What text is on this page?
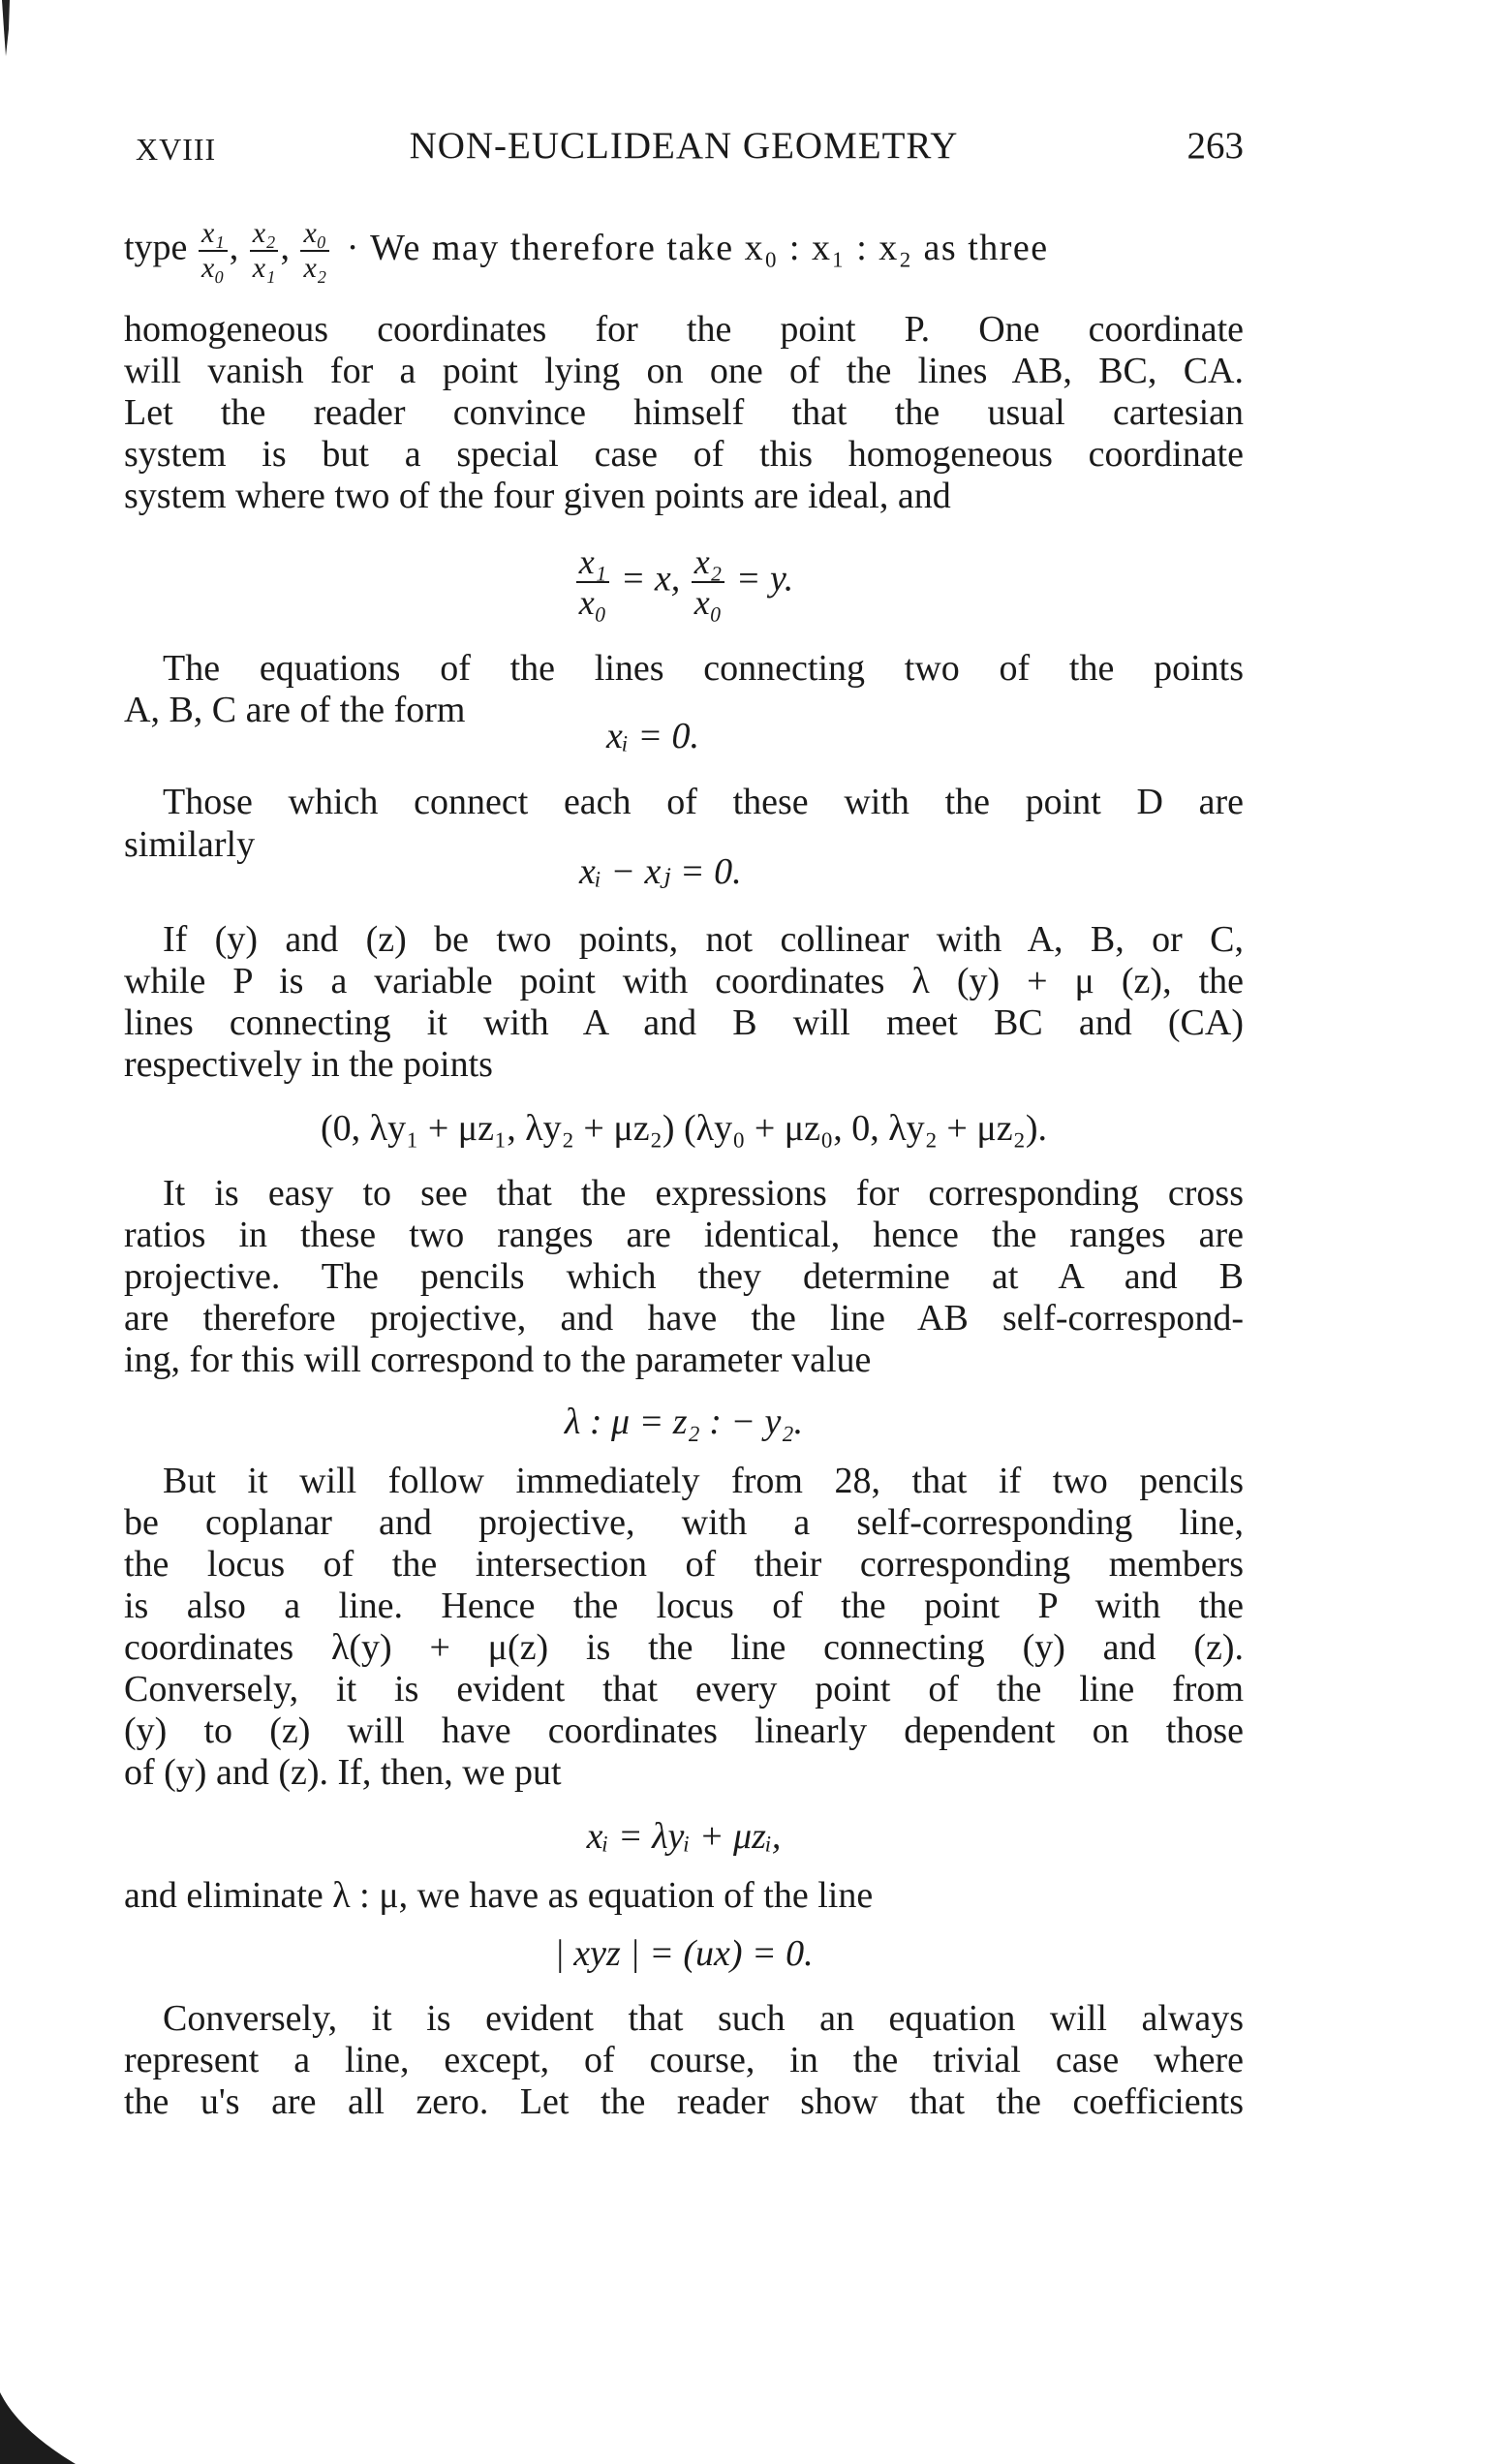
XVIII	NON-EUCLIDEAN GEOMETRY	263
type $\frac{\text{x₁}}{\text{x₀}}$ , $\frac{\text{x₂}}{\text{x₁}}$ , $\frac{\text{x₀}}{\text{x₂}} \cdot We$ may therefore take x₀ : x₁ : x₂ as three
homogeneous coordinates for the point P. One coordinate
will vanish for a point lying on one of the lines AB, BC, CA.
Let the reader convince himself that the usual cartesian
system is but a special case of this homogeneous coordinate
system where two of the four given points are ideal, and
$\frac{\text{x₁}}{\text{x₀}} = x$, $\frac{\text{x₂}}{\text{x₀}} = y$.
The equations of the lines connecting two of the points
A, B, C are of the form
xᵢ = 0.
Those which connect each of these with the point D are
similarly
xᵢ − xⱼ = 0.
If (y) and (z) be two points, not collinear with A, B, or C,
while P is a variable point with coordinates λ (y) + μ (z), the
lines connecting it with A and B will meet BC and (CA)
respectively in the points
(0, λy₁ + μz₁, λy₂ + μz₂) (λy₀ + μz₀, 0, λy₂ + μz₂).
It is easy to see that the expressions for corresponding cross
ratios in these two ranges are identical, hence the ranges are
projective. The pencils which they determine at A and B
are therefore projective, and have the line AB self-correspond-
ing, for this will correspond to the parameter value
λ : μ = z₂ : − y₂.
But it will follow immediately from 28, that if two pencils
be coplanar and projective, with a self-corresponding line,
the locus of the intersection of their corresponding members
is also a line. Hence the locus of the point P with the
coordinates λ(y) + μ(z) is the line connecting (y) and (z).
Conversely, it is evident that every point of the line from
(y) to (z) will have coordinates linearly dependent on those
of (y) and (z). If, then, we put
xᵢ = λyᵢ + μzᵢ,
and eliminate λ : μ, we have as equation of the line
| xyz | = (ux) = 0.
Conversely, it is evident that such an equation will always
represent a line, except, of course, in the trivial case where
the u's are all zero. Let the reader show that the coefficients
